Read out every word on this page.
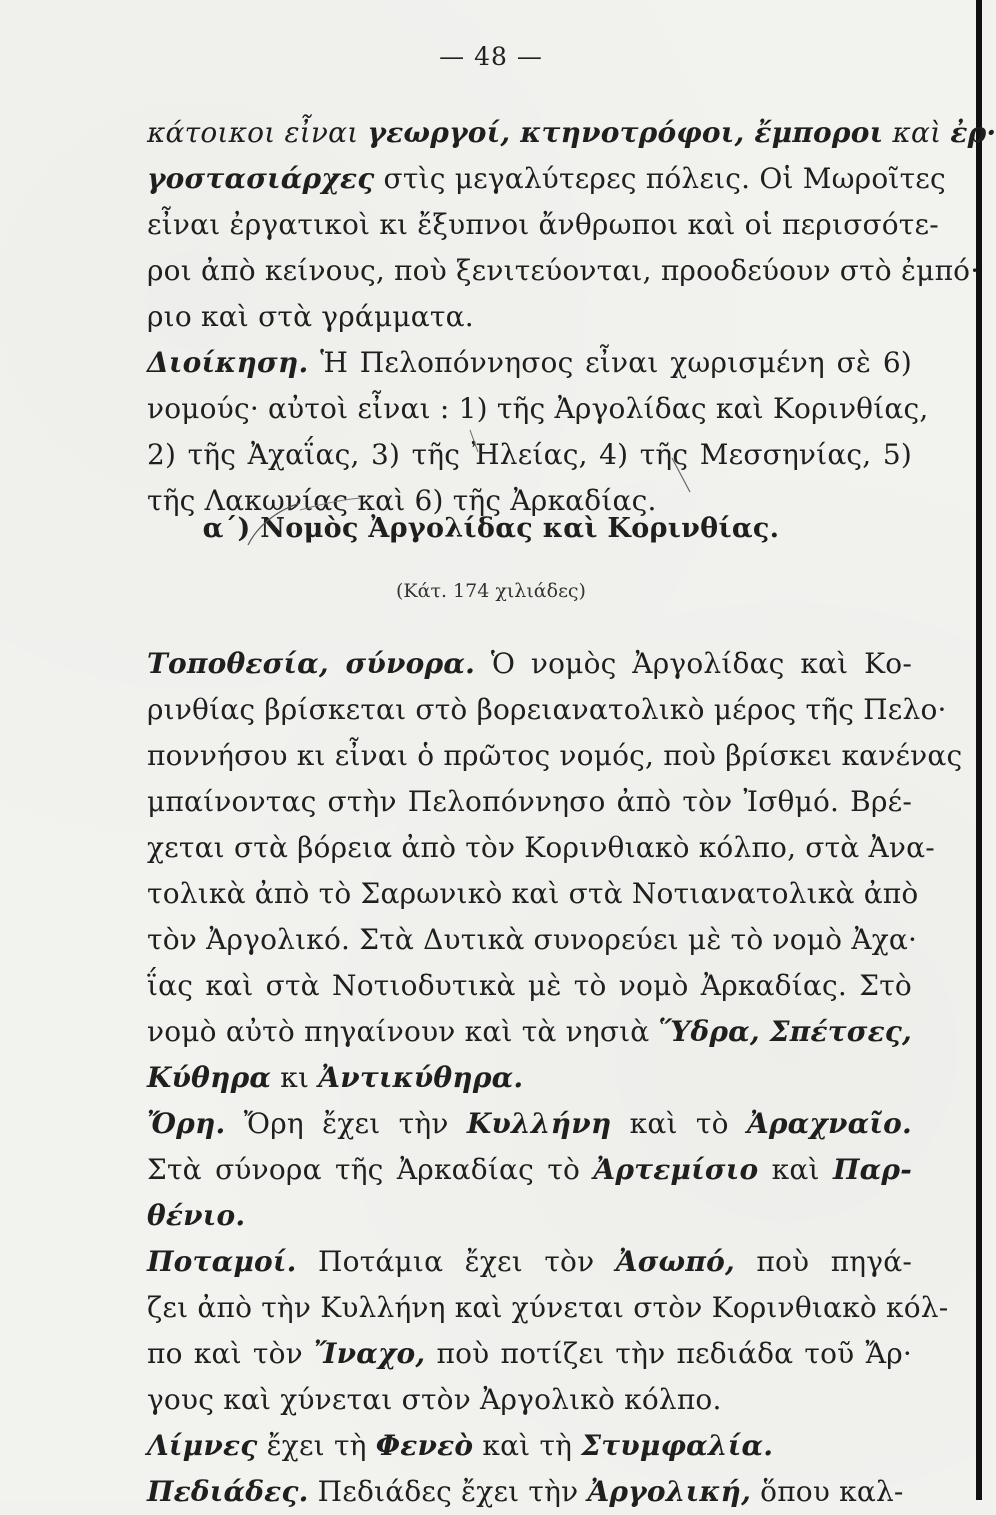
— 48 —
κάτοικοι εἶναι γεωργοί, κτηνοτρόφοι, ἔμποροι καὶ ἐρ·
γοστασιάρχες στὶς μεγαλύτερες πόλεις. Οἱ Μωροῖτες
εἶναι ἐργατικοὶ κι ἔξυπνοι ἄνθρωποι καὶ οἱ περισσότε-
ροι ἀπὸ κείνους, ποὺ ξενιτεύονται, προοδεύουν στὸ ἐμπό·
ριο καὶ στὰ γράμματα.
Διοίκηση. Ἡ Πελοπόννησος εἶναι χωρισμένη σὲ 6)
νομούς· αὐτοὶ εἶναι : 1) τῆς Ἀργολίδας καὶ Κορινθίας,
2) τῆς Ἀχαΐας, 3) τῆς Ἠλείας, 4) τῆς Μεσσηνίας, 5)
τῆς Λακωνίας καὶ 6) τῆς Ἀρκαδίας.
α΄) Νομὸς Ἀργολίδας καὶ Κορινθίας.
(Κάτ. 174 χιλιάδες)
Τοποθεσία, σύνορα. Ὁ νομὸς Ἀργολίδας καὶ Κο-
ρινθίας βρίσκεται στὸ βορειανατολικὸ μέρος τῆς Πελο·
ποννήσου κι εἶναι ὁ πρῶτος νομός, ποὺ βρίσκει κανένας
μπαίνοντας στὴν Πελοπόννησο ἀπὸ τὸν Ἰσθμό. Βρέ-
χεται στὰ βόρεια ἀπὸ τὸν Κορινθιακὸ κόλπο, στὰ Ἀνα-
τολικὰ ἀπὸ τὸ Σαρωνικὸ καὶ στὰ Νοτιανατολικὰ ἀπὸ
τὸν Ἀργολικό. Στὰ Δυτικὰ συνορεύει μὲ τὸ νομὸ Ἀχα·
ΐας καὶ στὰ Νοτιοδυτικὰ μὲ τὸ νομὸ Ἀρκαδίας. Στὸ
νομὸ αὐτὸ πηγαίνουν καὶ τὰ νησιὰ Ὕδρα, Σπέτσες,
Κύθηρα κι Ἀντικύθηρα.
Ὄρη. Ὄρη ἔχει τὴν Κυλλήνη καὶ τὸ Ἀραχναῖο.
Στὰ σύνορα τῆς Ἀρκαδίας τὸ Ἀρτεμίσιο καὶ Παρ-
θένιο.
Ποταμοί. Ποτάμια ἔχει τὸν Ἀσωπό, ποὺ πηγά-
ζει ἀπὸ τὴν Κυλλήνη καὶ χύνεται στὸν Κορινθιακὸ κόλ-
πο καὶ τὸν Ἴναχο, ποὺ ποτίζει τὴν πεδιάδα τοῦ Ἄρ·
γους καὶ χύνεται στὸν Ἀργολικὸ κόλπο.
Λίμνες ἔχει τὴ Φενεὸ καὶ τὴ Στυμφαλία.
Πεδιάδες. Πεδιάδες ἔχει τὴν Ἀργολική, ὅπου καλ-
